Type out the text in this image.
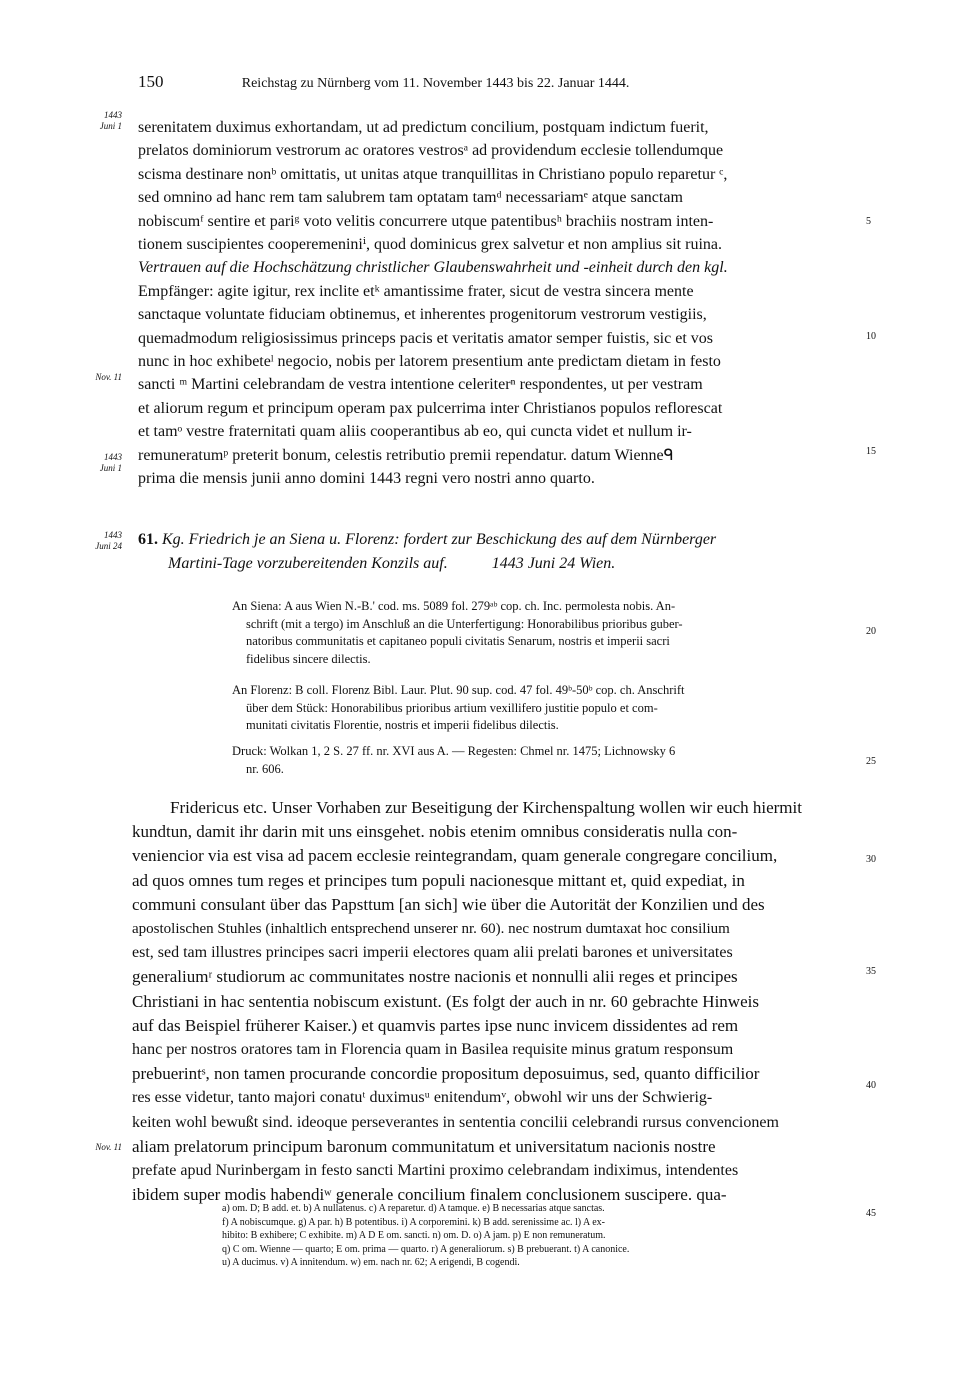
150	Reichstag zu Nürnberg vom 11. November 1443 bis 22. Januar 1444.
1443
Juni 1
Nov. 11
1443
Juni 1
1443
Juni 24
Nov. 11
5
10
15
20
25
30
35
40
45
serenitatem duximus exhortandam, ut ad predictum concilium, postquam indictum fuerit,
prelatos dominiorum vestrorum ac oratores vestrosᵃ ad providendum ecclesie tollendumque
scisma destinare nonᵇ omittatis, ut unitas atque tranquillitas in Christiano populo reparetur ᶜ,
sed omnino ad hanc rem tam salubrem tam optatam tamᵈ necessariamᵉ atque sanctam
nobiscumᶠ sentire et pariᵍ voto velitis concurrere utque patentibusʰ brachiis nostram inten-
tionem suscipientes cooperemeniniⁱ, quod dominicus grex salvetur et non amplius sit ruina.
Vertrauen auf die Hochschätzung christlicher Glaubenswahrheit und -einheit durch den kgl.
Empfänger: agite igitur, rex inclite etᵏ amantissime frater, sicut de vestra sincera mente
sanctaque voluntate fiduciam obtinemus, et inherentes progenitorum vestrorum vestigiis,
quemadmodum religiosissimus princeps pacis et veritatis amator semper fuistis, sic et vos
nunc in hoc exhibeteˡ negocio, nobis per latorem presentium ante predictam dietam in festo
sancti ᵐ Martini celebrandam de vestra intentione celeriterⁿ respondentes, ut per vestram
et aliorum regum et principum operam pax pulcerrima inter Christianos populos reflorescat
et tamᵒ vestre fraternitati quam aliis cooperantibus ab eo, qui cuncta videt et nullum ir-
remuneratumᵖ preterit bonum, celestis retributio premii rependatur. datum Wienneᑫ
prima die mensis junii anno domini 1443 regni vero nostri anno quarto.
61. Kg. Friedrich je an Siena u. Florenz: fordert zur Beschickung des auf dem Nürnberger
Martini-Tage vorzubereitenden Konzils auf.	1443 Juni 24 Wien.
An Siena: A aus Wien N.-B.' cod. ms. 5089 fol. 279ᵃᵇ cop. ch. Inc. permolesta nobis. An-
schrift (mit a tergo) im Anschluß an die Unterfertigung: Honorabilibus prioribus guber-
natoribus communitatis et capitaneo populi civitatis Senarum, nostris et imperii sacri
fidelibus sincere dilectis.
An Florenz: B coll. Florenz Bibl. Laur. Plut. 90 sup. cod. 47 fol. 49ᵇ-50ᵇ cop. ch. Anschrift
über dem Stück: Honorabilibus prioribus artium vexillifero justitie populo et com-
munitati civitatis Florentie, nostris et imperii fidelibus dilectis.
Druck: Wolkan 1, 2 S. 27 ff. nr. XVI aus A. — Regesten: Chmel nr. 1475; Lichnowsky 6
nr. 606.
Fridericus etc. Unser Vorhaben zur Beseitigung der Kirchenspaltung wollen wir euch hiermit
kundtun, damit ihr darin mit uns einsgehet. nobis etenim omnibus consideratis nulla con-
veniencior via est visa ad pacem ecclesie reintegrandam, quam generale congregare concilium,
ad quos omnes tum reges et principes tum populi nacionesque mittant et, quid expediat, in
communi consulant über das Papsttum [an sich] wie über die Autorität der Konzilien und des
apostolischen Stuhles (inhaltlich entsprechend unserer nr. 60). nec nostrum dumtaxat hoc consilium
est, sed tam illustres principes sacri imperii electores quam alii prelati barones et universitates
generaliumʳ studiorum ac communitates nostre nacionis et nonnulli alii reges et principes
Christiani in hac sententia nobiscum existunt. (Es folgt der auch in nr. 60 gebrachte Hinweis
auf das Beispiel früherer Kaiser.) et quamvis partes ipse nunc invicem dissidentes ad rem
hanc per nostros oratores tam in Florencia quam in Basilea requisite minus gratum responsum
prebuerintˢ, non tamen procurande concordie propositum deposuimus, sed, quanto difficilior
res esse videtur, tanto majori conatuᵗ duximusᵘ enitendumᵛ, obwohl wir uns der Schwierig-
keiten wohl bewußt sind. ideoque perseverantes in sententia concilii celebrandi rursus convencionem
aliam prelatorum principum baronum communitatum et universitatum nacionis nostre
prefate apud Nurinbergam in festo sancti Martini proximo celebrandam indiximus, intendentes
ibidem super modis habendiʷ generale concilium finalem conclusionem suscipere. qua-
a) om. D; B add. et. b) A nullatenus. c) A reparetur. d) A tamque. e) B necessarias atque sanctas.
f) A nobiscumque. g) A par. h) B potentibus. i) A corporemini. k) B add. serenissime ac. l) A ex-
hibito: B exhibere; C exhibite. m) A D E om. sancti. n) om. D. o) A jam. p) E non remuneratum.
q) C om. Wienne — quarto; E om. prima — quarto. r) A generaliorum. s) B prebuerant. t) A canonice.
u) A ducimus. v) A innitendum. w) em. nach nr. 62; A erigendi, B cogendi.
